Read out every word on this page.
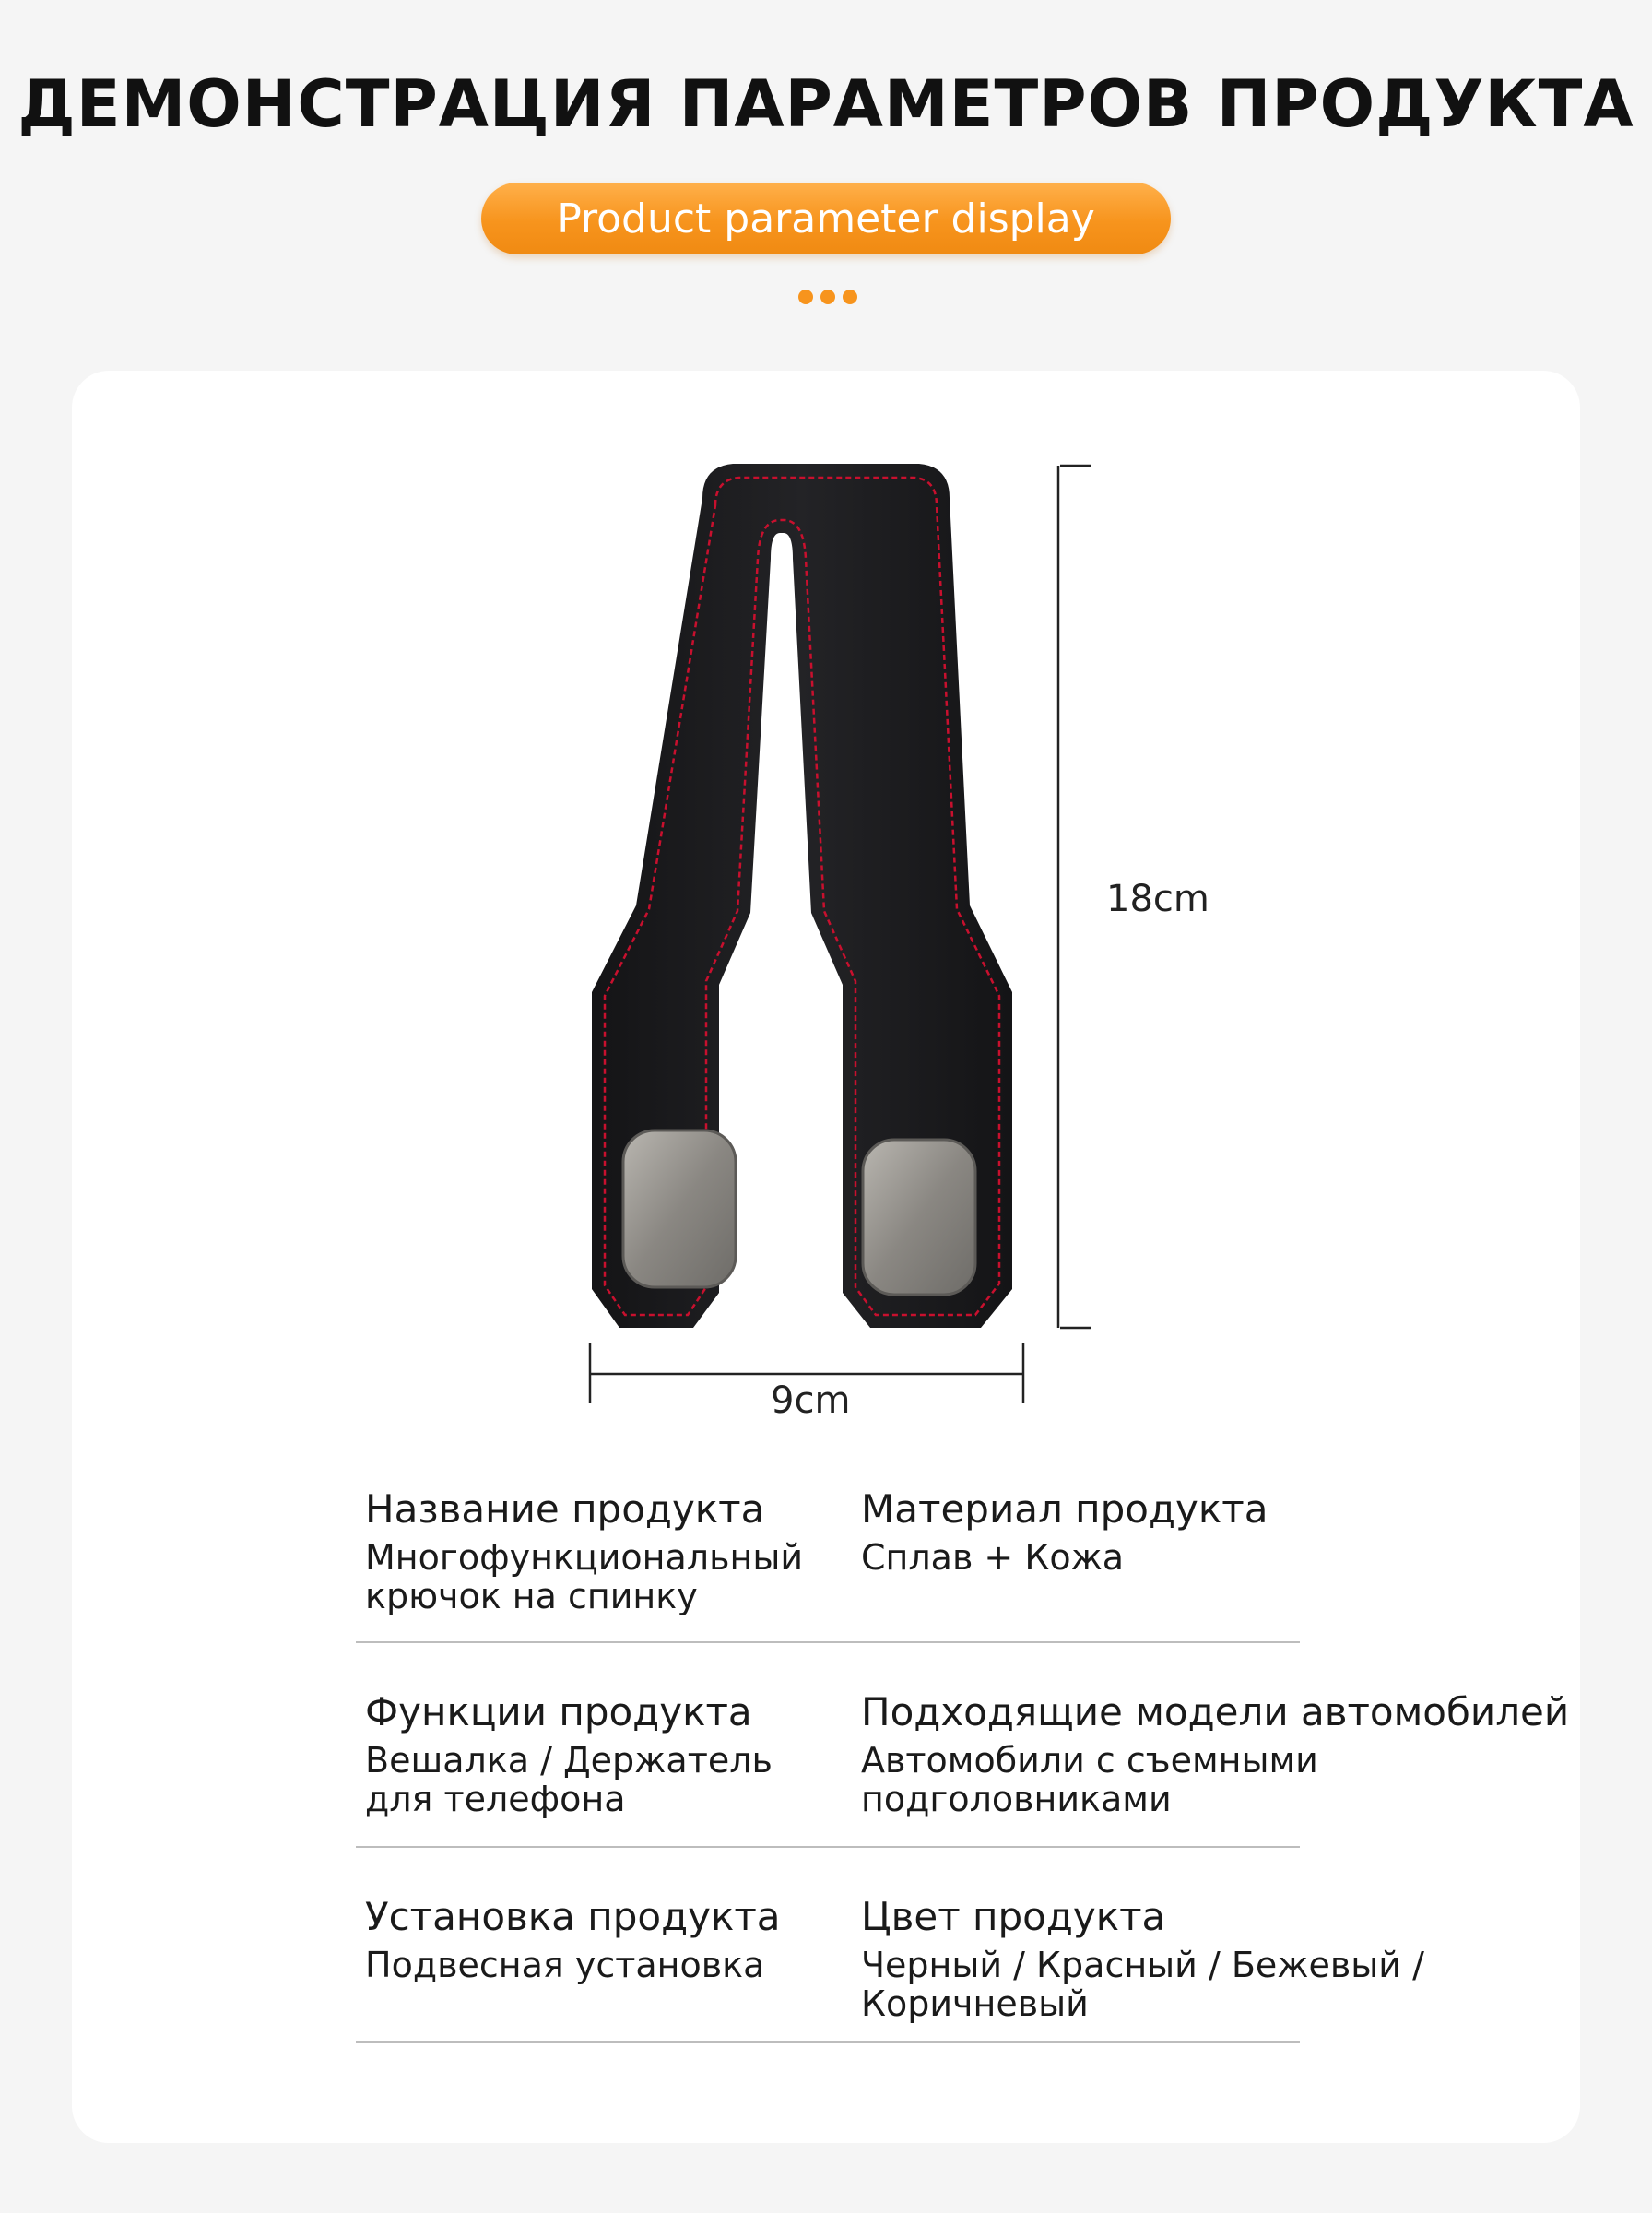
ДЕМОНСТРАЦИЯ ПАРАМЕТРОВ ПРОДУКТА
Product parameter display
18cm
9cm
Название продукта
Многофункциональный крючок на спинку
Материал продукта
Сплав + Кожа
Функции продукта
Вешалка / Держатель для телефона
Подходящие модели автомобилей
Автомобили с съемными подголовниками
Установка продукта
Подвесная установка
Цвет продукта
Черный / Красный / Бежевый / Коричневый
